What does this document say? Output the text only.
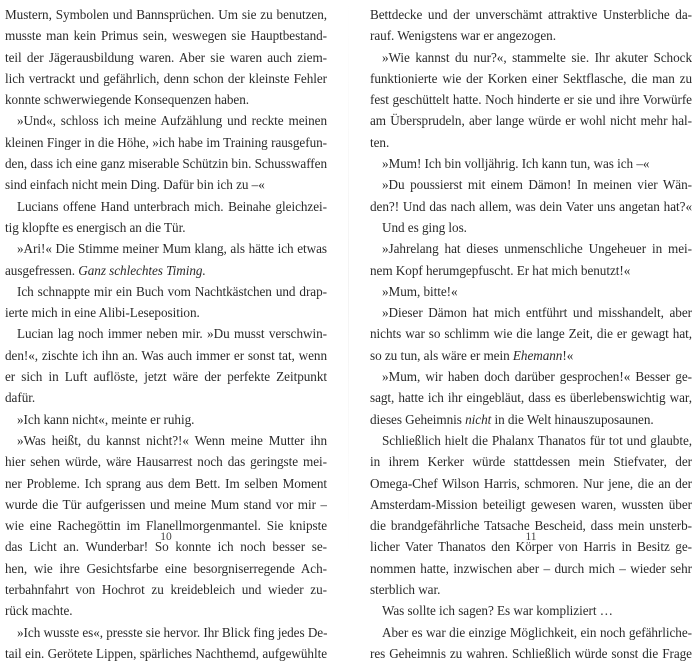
Mustern, Symbolen und Bannsprüchen. Um sie zu benutzen,
musste man kein Primus sein, weswegen sie Hauptbestand-
teil der Jägerausbildung waren. Aber sie waren auch ziem-
lich vertrackt und gefährlich, denn schon der kleinste Fehler
konnte schwerwiegende Konsequenzen haben.
»Und«, schloss ich meine Aufzählung und reckte meinen
kleinen Finger in die Höhe, »ich habe im Training rausgefun-
den, dass ich eine ganz miserable Schützin bin. Schusswaffen
sind einfach nicht mein Ding. Dafür bin ich zu –«
Lucians offene Hand unterbrach mich. Beinahe gleichzei-
tig klopfte es energisch an die Tür.
»Ari!« Die Stimme meiner Mum klang, als hätte ich etwas
ausgefressen. Ganz schlechtes Timing.
Ich schnappte mir ein Buch vom Nachtkästchen und drap-
ierte mich in eine Alibi-Leseposition.
Lucian lag noch immer neben mir. »Du musst verschwin-
den!«, zischte ich ihn an. Was auch immer er sonst tat, wenn
er sich in Luft auflöste, jetzt wäre der perfekte Zeitpunkt
dafür.
»Ich kann nicht«, meinte er ruhig.
»Was heißt, du kannst nicht?!« Wenn meine Mutter ihn
hier sehen würde, wäre Hausarrest noch das geringste mei-
ner Probleme. Ich sprang aus dem Bett. Im selben Moment
wurde die Tür aufgerissen und meine Mum stand vor mir –
wie eine Rachegöttin im Flanellmorgenmantel. Sie knipste
das Licht an. Wunderbar! So konnte ich noch besser se-
hen, wie ihre Gesichtsfarbe eine besorgniserregende Ach-
terbahnfahrt von Hochrot zu kreidebleich und wieder zu-
rück machte.
»Ich wusste es«, presste sie hervor. Ihr Blick fing jedes De-
tail ein. Gerötete Lippen, spärliches Nachthemd, aufgewühlte
10
Bettdecke und der unverschämt attraktive Unsterbliche da-
rauf. Wenigstens war er angezogen.
»Wie kannst du nur?«, stammelte sie. Ihr akuter Schock
funktionierte wie der Korken einer Sektflasche, die man zu
fest geschüttelt hatte. Noch hinderte er sie und ihre Vorwürfe
am Übersprudeln, aber lange würde er wohl nicht mehr hal-
ten.
»Mum! Ich bin volljährig. Ich kann tun, was ich –«
»Du poussierst mit einem Dämon! In meinen vier Wän-
den?! Und das nach allem, was dein Vater uns angetan hat?«
Und es ging los.
»Jahrelang hat dieses unmenschliche Ungeheuer in mei-
nem Kopf herumgepfuscht. Er hat mich benutzt!«
»Mum, bitte!«
»Dieser Dämon hat mich entführt und misshandelt, aber
nichts war so schlimm wie die lange Zeit, die er gewagt hat,
so zu tun, als wäre er mein Ehemann!«
»Mum, wir haben doch darüber gesprochen!« Besser ge-
sagt, hatte ich ihr eingebläut, dass es überlebenswichtig war,
dieses Geheimnis nicht in die Welt hinauszuposaunen.
Schließlich hielt die Phalanx Thanatos für tot und glaubte,
in ihrem Kerker würde stattdessen mein Stiefvater, der
Omega-Chef Wilson Harris, schmoren. Nur jene, die an der
Amsterdam-Mission beteiligt gewesen waren, wussten über
die brandgefährliche Tatsache Bescheid, dass mein unsterb-
licher Vater Thanatos den Körper von Harris in Besitz ge-
nommen hatte, inzwischen aber – durch mich – wieder sehr
sterblich war.
Was sollte ich sagen? Es war kompliziert …
Aber es war die einzige Möglichkeit, ein noch gefährliche-
res Geheimnis zu wahren. Schließlich würde sonst die Frage
11
